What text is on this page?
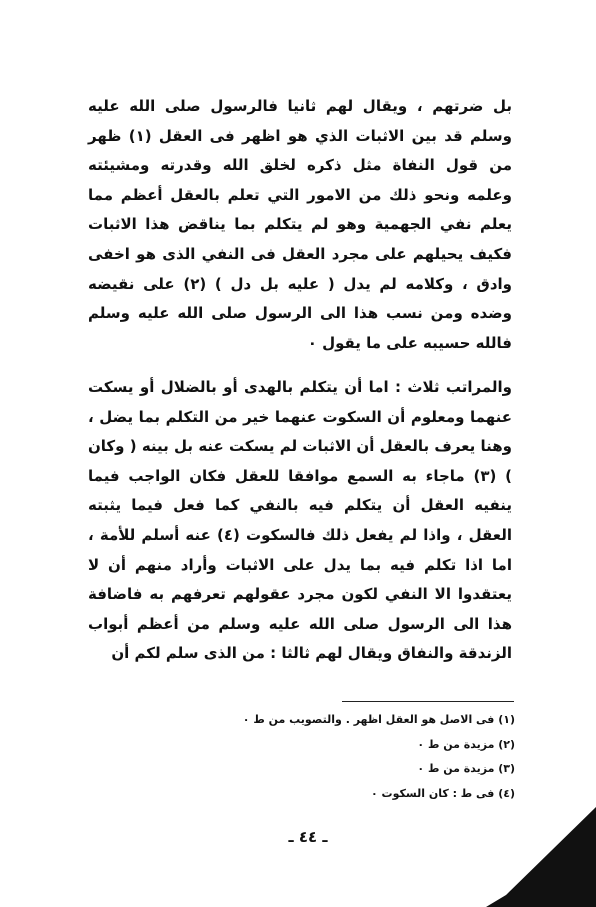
بل ضرتهم ، ويقال لهم ثانيا فالرسول صلى الله عليه وسلم قد بين الاثبات الذي هو اظهر فى العقل (١) ظهر من قول النفاة مثل ذكره لخلق الله وقدرته ومشيئته وعلمه ونحو ذلك من الامور التي تعلم بالعقل أعظم مما يعلم نفي الجهمية وهو لم يتكلم بما يناقض هذا الاثبات فكيف يحيلهم على مجرد العقل فى النفي الذى هو اخفى وادق ، وكلامه لم يدل ( عليه بل دل ) (٢) على نقيضه وضده ومن نسب هذا الى الرسول صلى الله عليه وسلم فالله حسيبه على ما يقول ٠

والمراتب ثلاث : اما أن يتكلم بالهدى أو بالضلال أو يسكت عنهما ومعلوم أن السكوت عنهما خير من التكلم بما يضل ، وهنا يعرف بالعقل أن الاثبات لم يسكت عنه بل بينه ( وكان ) (٣) ماجاء به السمع موافقا للعقل فكان الواجب فيما ينفيه العقل أن يتكلم فيه بالنفي كما فعل فيما يثبته العقل ، واذا لم يفعل ذلك فالسكوت (٤) عنه أسلم للأمة ، اما اذا تكلم فيه بما يدل على الاثبات وأراد منهم أن لا يعتقدوا الا النفي لكون مجرد عقولهم تعرفهم به فاضافة هذا الى الرسول صلى الله عليه وسلم من أعظم أبواب الزندقة والنفاق ويقال لهم ثالثا : من الذى سلم لكم أن

(١) فى الاصل هو العقل اظهر . والتصويب من ط ٠
(٢) مزيدة من ط ٠
(٣) مزيدة من ط ٠
(٤) فى ط : كان السكوت ٠
ـ ٤٤ ـ
